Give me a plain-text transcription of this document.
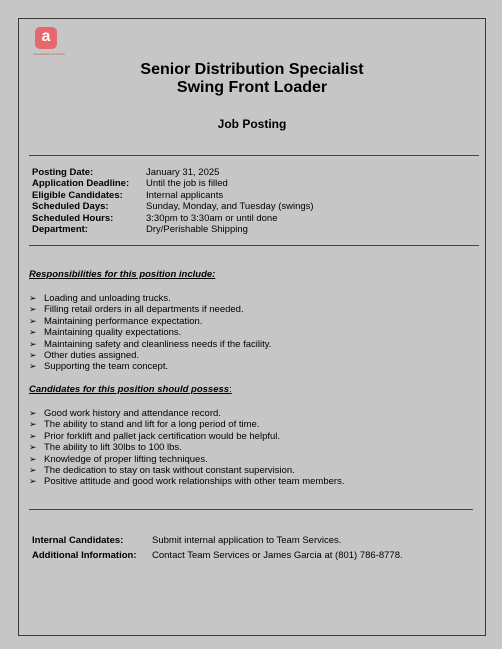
a
Associated Food Stores
Senior Distribution Specialist
Swing Front Loader
Job Posting
Posting Date:	January 31, 2025
Application Deadline:	Until the job is filled
Eligible Candidates:	Internal applicants
Scheduled Days:	Sunday, Monday, and Tuesday (swings)
Scheduled Hours:	3:30pm to 3:30am or until done
Department:	Dry/Perishable Shipping
Responsibilities for this position include:
➢ Loading and unloading trucks.
➢ Filling retail orders in all departments if needed.
➢ Maintaining performance expectation.
➢ Maintaining quality expectations.
➢ Maintaining safety and cleanliness needs if the facility.
➢ Other duties assigned.
➢ Supporting the team concept.
Candidates for this position should possess:
➢ Good work history and attendance record.
➢ The ability to stand and lift for a long period of time.
➢ Prior forklift and pallet jack certification would be helpful.
➢ The ability to lift 30lbs to 100 lbs.
➢ Knowledge of proper lifting techniques.
➢ The dedication to stay on task without constant supervision.
➢ Positive attitude and good work relationships with other team members.
Internal Candidates:	Submit internal application to Team Services.
Additional Information:	Contact Team Services or James Garcia at (801) 786-8778.
